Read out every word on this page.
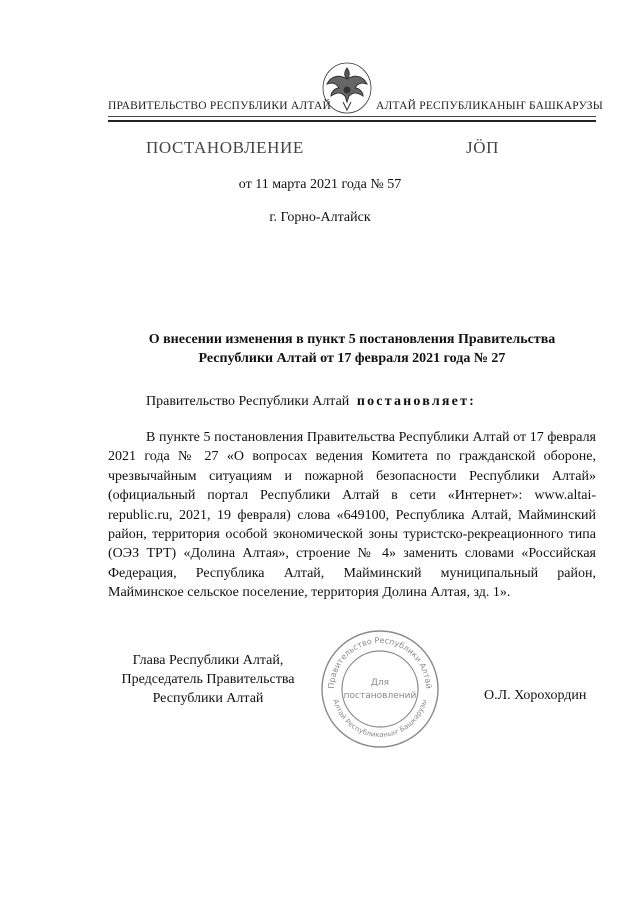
ПРАВИТЕЛЬСТВО РЕСПУБЛИКИ АЛТАЙ	АЛТАЙ РЕСПУБЛИКАНЫҤ БАШКАРУЗЫ
ПОСТАНОВЛЕНИЕ	ЈӦП
от 11 марта 2021 года № 57
г. Горно-Алтайск
О внесении изменения в пункт 5 постановления Правительства
Республики Алтай от 17 февраля 2021 года № 27
Правительство Республики Алтай постановляет:
В пункте 5 постановления Правительства Республики Алтай от 17 февраля 2021 года № 27 «О вопросах ведения Комитета по гражданской обороне, чрезвычайным ситуациям и пожарной безопасности Республики Алтай» (официальный портал Республики Алтай в сети «Интернет»: www.altai-republic.ru, 2021, 19 февраля) слова «649100, Республика Алтай, Майминский район, территория особой экономической зоны туристско-рекреационного типа (ОЭЗ ТРТ) «Долина Алтая», строение № 4» заменить словами «Российская Федерация, Республика Алтай, Майминский муниципальный район, Майминское сельское поселение, территория Долина Алтая, зд. 1».
Глава Республики Алтай,
Председатель Правительства
Республики Алтай
Правительство Республики Алтай
Алтай Республиканыҥ Башкарузы
Для
постановлений	О.Л. Хорохордин
